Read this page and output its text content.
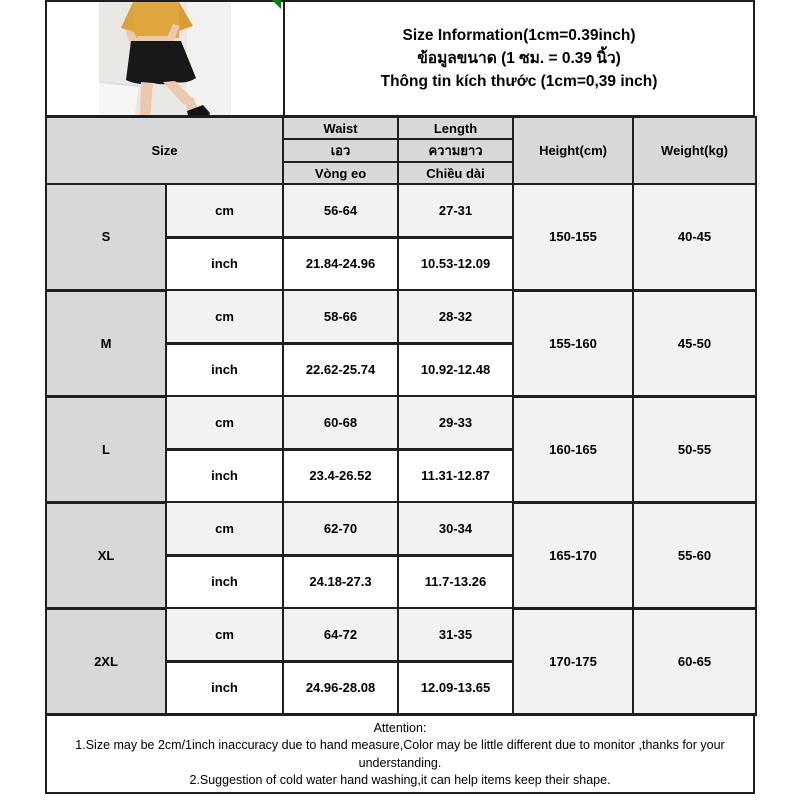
Size Information(1cm=0.39inch)
ข้อมูลขนาด (1 ซม. = 0.39 นิ้ว)
Thông tin kích thước (1cm=0,39 inch)
Size		Waist	Length	Height(cm)	Weight(kg)
		เอว	ความยาว		
		Vòng eo	Chiều dài		
S	cm	56-64	27-31	150-155	40-45
	inch	21.84-24.96	10.53-12.09		
M	cm	58-66	28-32	155-160	45-50
	inch	22.62-25.74	10.92-12.48		
L	cm	60-68	29-33	160-165	50-55
	inch	23.4-26.52	11.31-12.87		
XL	cm	62-70	30-34	165-170	55-60
	inch	24.18-27.3	11.7-13.26		
2XL	cm	64-72	31-35	170-175	60-65
	inch	24.96-28.08	12.09-13.65		
Attention:
1.Size may be 2cm/1inch inaccuracy due to hand measure,Color may be little different due to monitor ,thanks for your understanding.
2.Suggestion of cold water hand washing,it can help items keep their shape.
